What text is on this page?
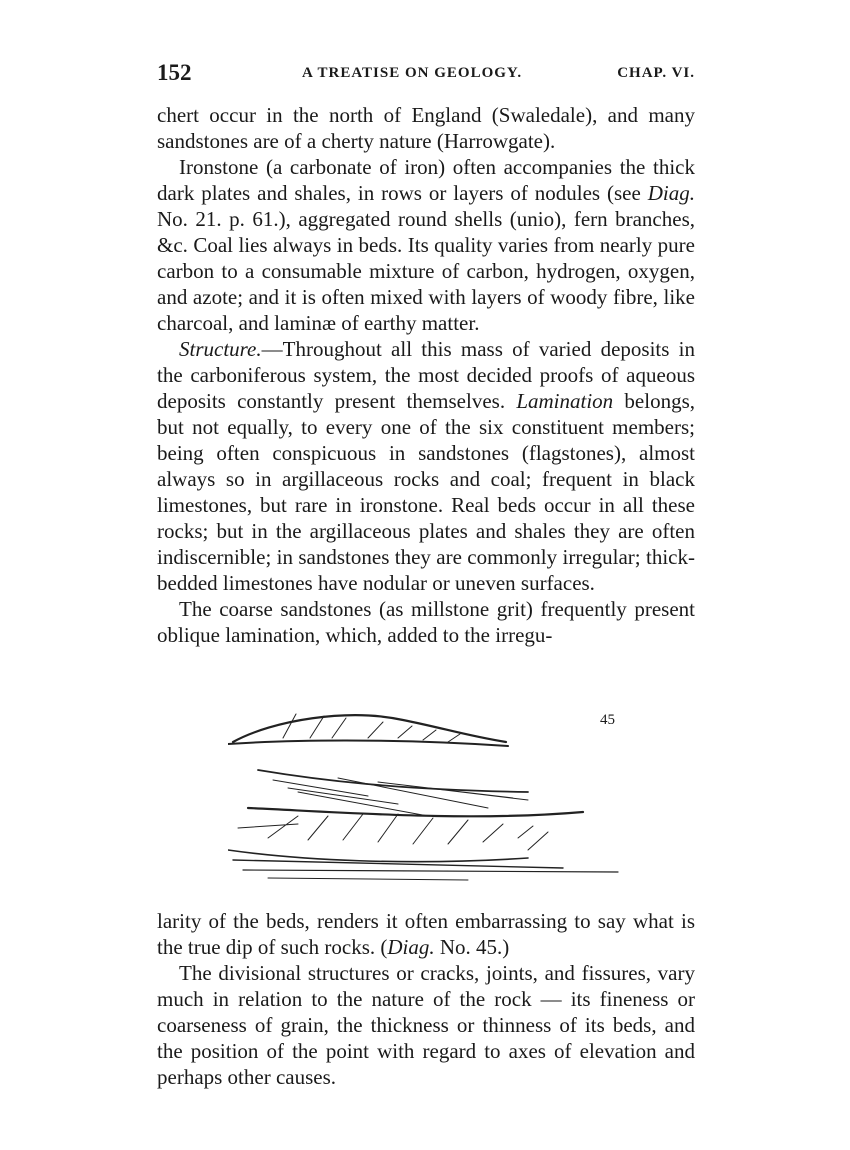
152	A TREATISE ON GEOLOGY.	CHAP. VI.

chert occur in the north of England (Swaledale), and many sandstones are of a cherty nature (Harrowgate).

Ironstone (a carbonate of iron) often accompanies the thick dark plates and shales, in rows or layers of nodules (see Diag. No. 21. p. 61.), aggregated round shells (unio), fern branches, &c. Coal lies always in beds. Its quality varies from nearly pure carbon to a consumable mixture of carbon, hydrogen, oxygen, and azote; and it is often mixed with layers of woody fibre, like charcoal, and laminæ of earthy matter.

Structure.—Throughout all this mass of varied deposits in the carboniferous system, the most decided proofs of aqueous deposits constantly present themselves. Lamination belongs, but not equally, to every one of the six constituent members; being often conspicuous in sandstones (flagstones), almost always so in argillaceous rocks and coal; frequent in black limestones, but rare in ironstone. Real beds occur in all these rocks; but in the argillaceous plates and shales they are often indiscernible; in sandstones they are commonly irregular; thick-bedded limestones have nodular or uneven surfaces.

The coarse sandstones (as millstone grit) frequently present oblique lamination, which, added to the irregu-

45

larity of the beds, renders it often embarrassing to say what is the true dip of such rocks. (Diag. No. 45.)

The divisional structures or cracks, joints, and fissures, vary much in relation to the nature of the rock — its fineness or coarseness of grain, the thickness or thinness of its beds, and the position of the point with regard to axes of elevation and perhaps other causes.
